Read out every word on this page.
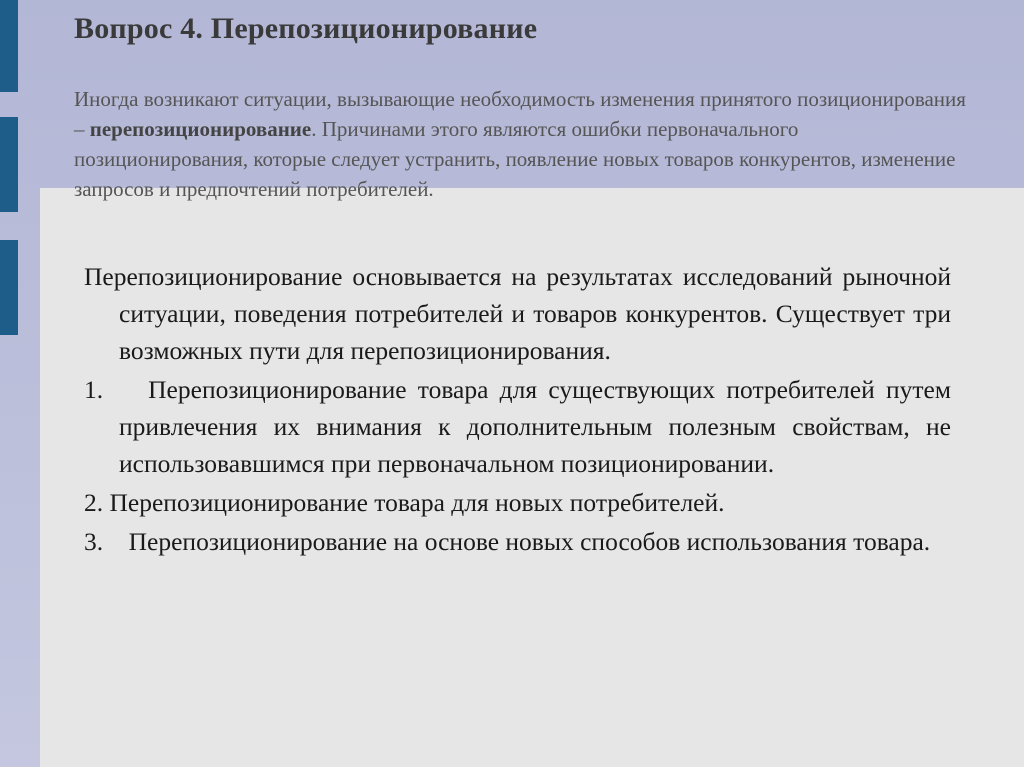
Вопрос 4. Перепозиционирование

Иногда возникают ситуации, вызывающие необходимость изменения принятого позиционирования – перепозиционирование. Причинами этого являются ошибки первоначального позиционирования, которые следует устранить, появление новых товаров конкурентов, изменение запросов и предпочтений потребителей.

Перепозиционирование основывается на результатах исследований рыночной ситуации, поведения потребителей и товаров конкурентов. Существует три возможных пути для перепозиционирования.

1. Перепозиционирование товара для существующих потребителей путем привлечения их внимания к дополнительным полезным свойствам, не использовавшимся при первоначальном позиционировании.

2. Перепозиционирование товара для новых потребителей.

3. Перепозиционирование на основе новых способов использования товара.
